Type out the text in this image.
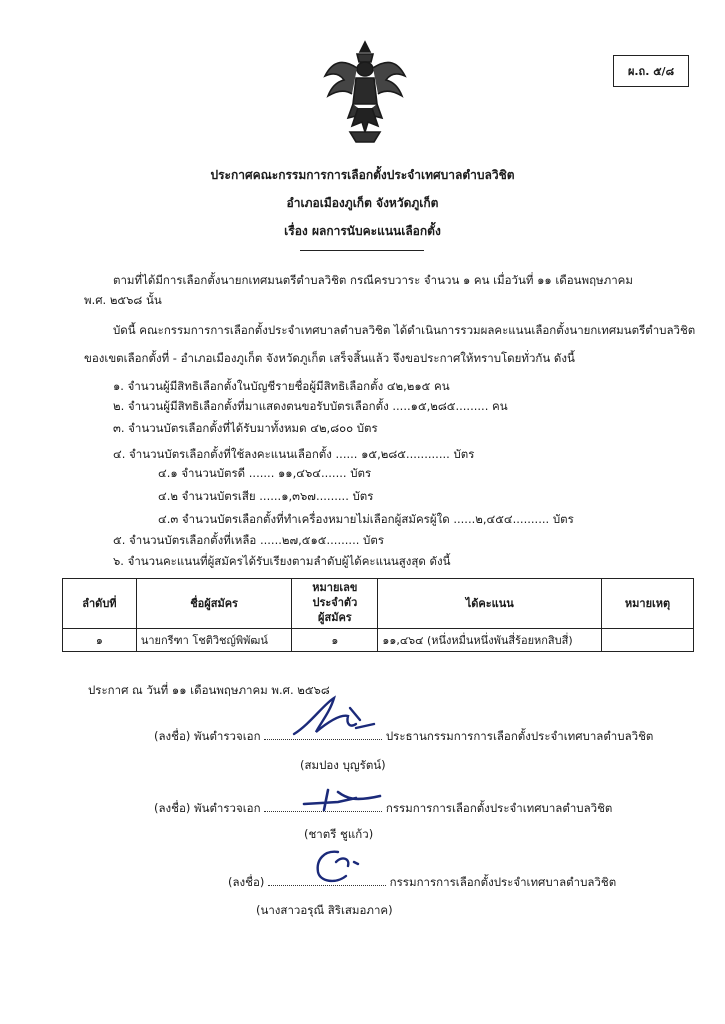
ผ.ถ. ๕/๘
ประกาศคณะกรรมการการเลือกตั้งประจำเทศบาลตำบลวิชิต
อำเภอเมืองภูเก็ต จังหวัดภูเก็ต
เรื่อง ผลการนับคะแนนเลือกตั้ง
ตามที่ได้มีการเลือกตั้งนายกเทศมนตรีตำบลวิชิต กรณีครบวาระ จำนวน ๑ คน เมื่อวันที่ ๑๑ เดือนพฤษภาคม
พ.ศ. ๒๕๖๘ นั้น
บัดนี้ คณะกรรมการการเลือกตั้งประจำเทศบาลตำบลวิชิต ได้ดำเนินการรวมผลคะแนนเลือกตั้งนายกเทศมนตรีตำบลวิชิต
ของเขตเลือกตั้งที่ - อำเภอเมืองภูเก็ต จังหวัดภูเก็ต เสร็จสิ้นแล้ว จึงขอประกาศให้ทราบโดยทั่วกัน ดังนี้
๑. จำนวนผู้มีสิทธิเลือกตั้งในบัญชีรายชื่อผู้มีสิทธิเลือกตั้ง ๔๒,๒๑๕ คน
๒. จำนวนผู้มีสิทธิเลือกตั้งที่มาแสดงตนขอรับบัตรเลือกตั้ง .....๑๕,๒๘๕......... คน
๓. จำนวนบัตรเลือกตั้งที่ได้รับมาทั้งหมด ๔๒,๘๐๐ บัตร
๔. จำนวนบัตรเลือกตั้งที่ใช้ลงคะแนนเลือกตั้ง ...... ๑๕,๒๘๕............ บัตร
๔.๑ จำนวนบัตรดี ....... ๑๑,๔๖๔....... บัตร
๔.๒ จำนวนบัตรเสีย ......๑,๓๖๗......... บัตร
๔.๓ จำนวนบัตรเลือกตั้งที่ทำเครื่องหมายไม่เลือกผู้สมัครผู้ใด ......๒,๔๕๔.......... บัตร
๕. จำนวนบัตรเลือกตั้งที่เหลือ ......๒๗,๕๑๕......... บัตร
๖. จำนวนคะแนนที่ผู้สมัครได้รับเรียงตามลำดับผู้ได้คะแนนสูงสุด ดังนี้
ลำดับที่	ชื่อผู้สมัคร	หมายเลข
ประจำตัว
ผู้สมัคร	ได้คะแนน	หมายเหตุ
๑	นายกรีฑา โชติวิชญ์พิพัฒน์	๑	๑๑,๔๖๔ (หนึ่งหมื่นหนึ่งพันสี่ร้อยหกสิบสี่)	
ประกาศ ณ วันที่ ๑๑ เดือนพฤษภาคม พ.ศ. ๒๕๖๘
(ลงชื่อ) พันตำรวจเอก	ประธานกรรมการการเลือกตั้งประจำเทศบาลตำบลวิชิต
(สมปอง บุญรัตน์)
(ลงชื่อ) พันตำรวจเอก	กรรมการการเลือกตั้งประจำเทศบาลตำบลวิชิต
(ชาตรี ชูแก้ว)
(ลงชื่อ)	กรรมการการเลือกตั้งประจำเทศบาลตำบลวิชิต
(นางสาวอรุณี สิริเสมอภาค)
